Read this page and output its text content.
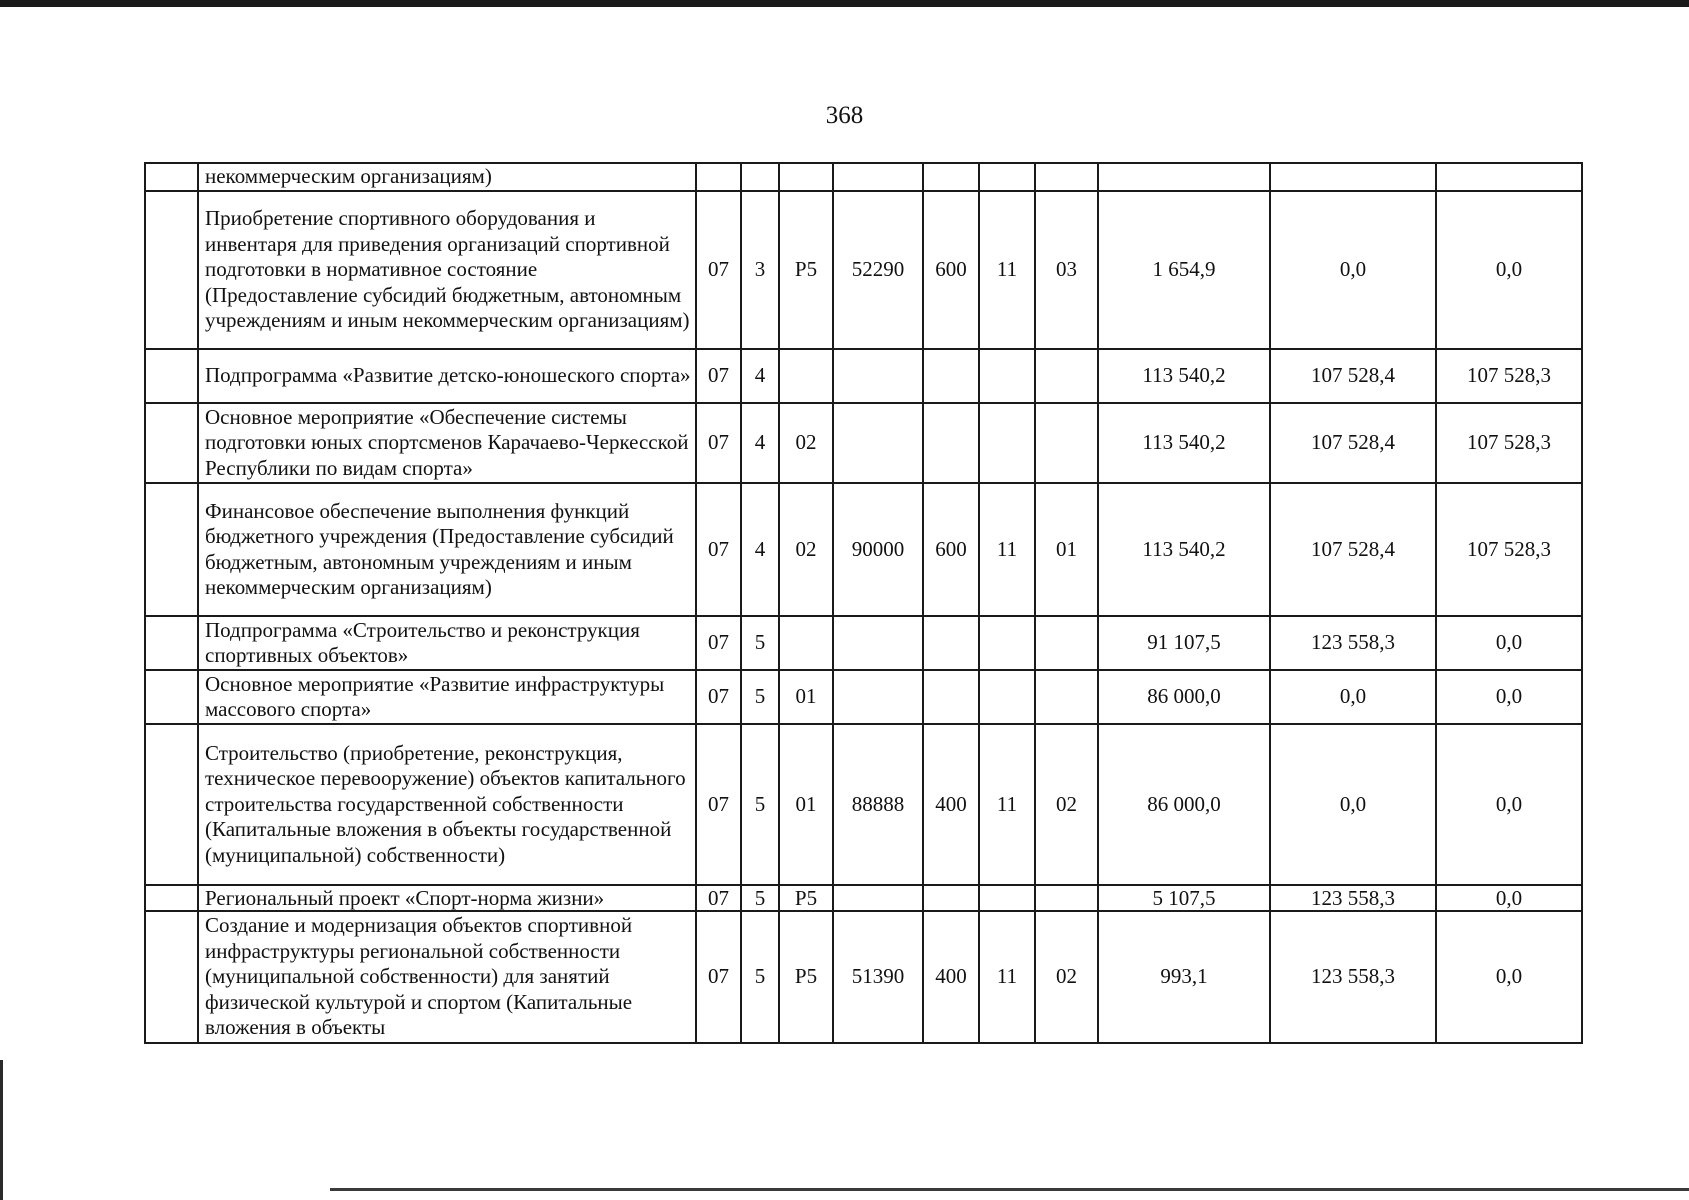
368
	некоммерческим организациям)										
	Приобретение спортивного оборудования и инвентаря для приведения организаций спортивной подготовки в нормативное состояние (Предоставление субсидий бюджетным, автономным учреждениям и иным некоммерческим организациям)	07	3	Р5	52290	600	11	03	1 654,9	0,0	0,0
	Подпрограмма «Развитие детско-юношеского спорта»	07	4						113 540,2	107 528,4	107 528,3
	Основное мероприятие «Обеспечение системы подготовки юных спортсменов Карачаево-Черкесской Республики по видам спорта»	07	4	02					113 540,2	107 528,4	107 528,3
	Финансовое обеспечение выполнения функций бюджетного учреждения (Предоставление субсидий бюджетным, автономным учреждениям и иным некоммерческим организациям)	07	4	02	90000	600	11	01	113 540,2	107 528,4	107 528,3
	Подпрограмма «Строительство и реконструкция спортивных объектов»	07	5						91 107,5	123 558,3	0,0
	Основное мероприятие «Развитие инфраструктуры массового спорта»	07	5	01					86 000,0	0,0	0,0
	Строительство (приобретение, реконструкция, техническое перевооружение) объектов капитального строительства государственной собственности (Капитальные вложения в объекты государственной (муниципальной) собственности)	07	5	01	88888	400	11	02	86 000,0	0,0	0,0
	Региональный проект «Спорт-норма жизни»	07	5	Р5					5 107,5	123 558,3	0,0
	Создание и модернизация объектов спортивной инфраструктуры региональной собственности (муниципальной собственности) для занятий физической культурой и спортом (Капитальные вложения в объекты	07	5	Р5	51390	400	11	02	993,1	123 558,3	0,0
